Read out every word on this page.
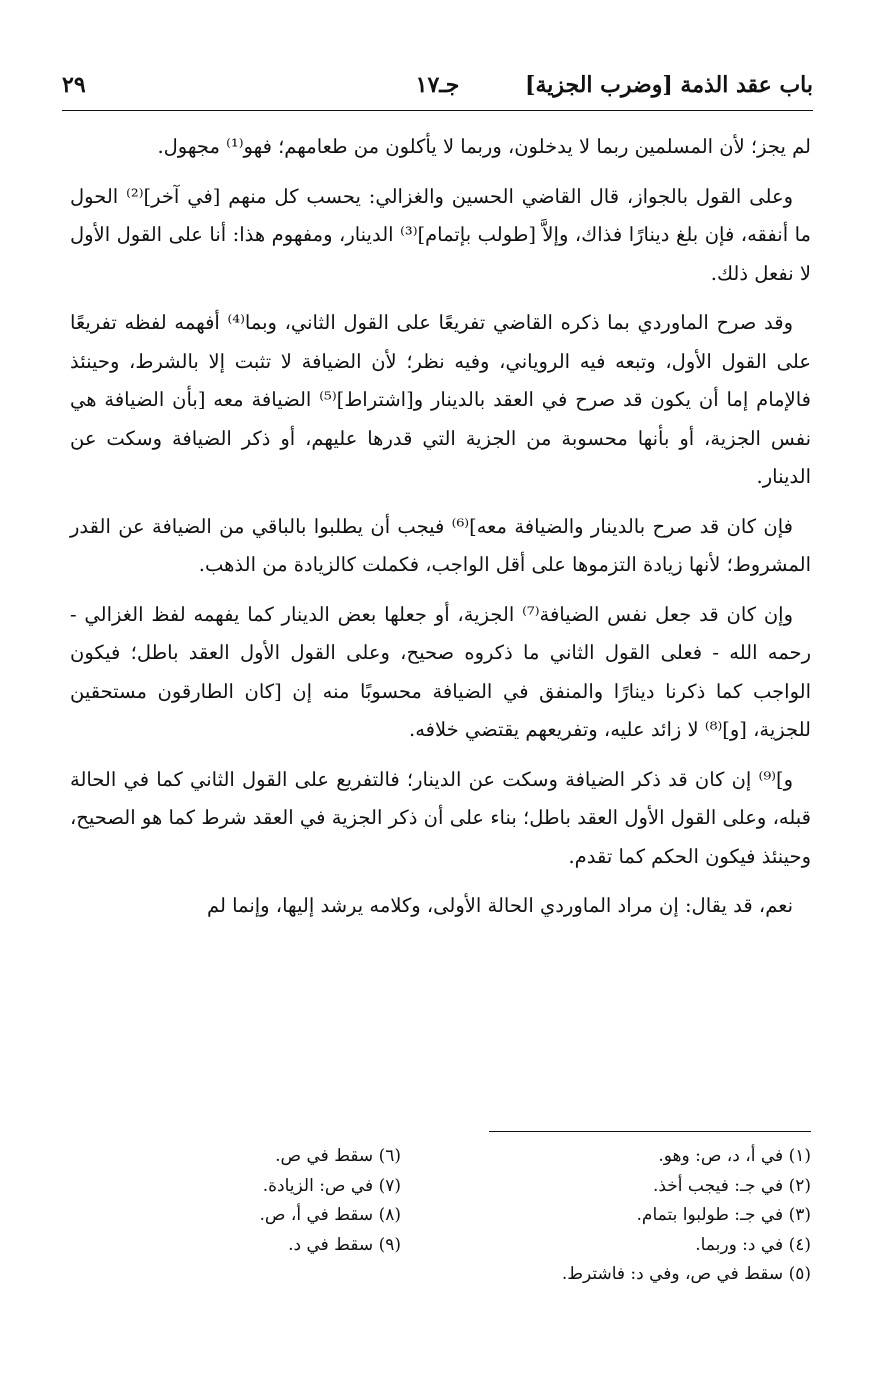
باب عقد الذمة [وضرب الجزية]
جـ١٧
٢٩

لم يجز؛ لأن المسلمين ربما لا يدخلون، وربما لا يأكلون من طعامهم؛ فهو⁽¹⁾ مجهول.

وعلى القول بالجواز، قال القاضي الحسين والغزالي: يحسب كل منهم [في آخر]⁽²⁾ الحول ما أنفقه، فإن بلغ دينارًا فذاك، وإلاَّ [طولب بإتمام]⁽³⁾ الدينار، ومفهوم هذا: أنا على القول الأول لا نفعل ذلك.

وقد صرح الماوردي بما ذكره القاضي تفريعًا على القول الثاني، وبما⁽⁴⁾ أفهمه لفظه تفريعًا على القول الأول، وتبعه فيه الروياني، وفيه نظر؛ لأن الضيافة لا تثبت إلا بالشرط، وحينئذ فالإمام إما أن يكون قد صرح في العقد بالدينار و[اشتراط]⁽⁵⁾ الضيافة معه [بأن الضيافة هي نفس الجزية، أو بأنها محسوبة من الجزية التي قدرها عليهم، أو ذكر الضيافة وسكت عن الدينار.

فإن كان قد صرح بالدينار والضيافة معه]⁽⁶⁾ فيجب أن يطلبوا بالباقي من الضيافة عن القدر المشروط؛ لأنها زيادة التزموها على أقل الواجب، فكملت كالزيادة من الذهب.

وإن كان قد جعل نفس الضيافة⁽⁷⁾ الجزية، أو جعلها بعض الدينار كما يفهمه لفظ الغزالي - رحمه الله - فعلى القول الثاني ما ذكروه صحيح، وعلى القول الأول العقد باطل؛ فيكون الواجب كما ذكرنا دينارًا والمنفق في الضيافة محسوبًا منه إن [كان الطارقون مستحقين للجزية، [و]⁽⁸⁾ لا زائد عليه، وتفريعهم يقتضي خلافه.

و]⁽⁹⁾ إن كان قد ذكر الضيافة وسكت عن الدينار؛ فالتفريع على القول الثاني كما في الحالة قبله، وعلى القول الأول العقد باطل؛ بناء على أن ذكر الجزية في العقد شرط كما هو الصحيح، وحينئذ فيكون الحكم كما تقدم.

نعم، قد يقال: إن مراد الماوردي الحالة الأولى، وكلامه يرشد إليها، وإنما لم

(١) في أ، د، ص: وهو.
(٢) في جـ: فيجب أخذ.
(٣) في جـ: طولبوا بتمام.
(٤) في د: وربما.
(٥) سقط في ص، وفي د: فاشترط.
(٦) سقط في ص.
(٧) في ص: الزيادة.
(٨) سقط في أ، ص.
(٩) سقط في د.
